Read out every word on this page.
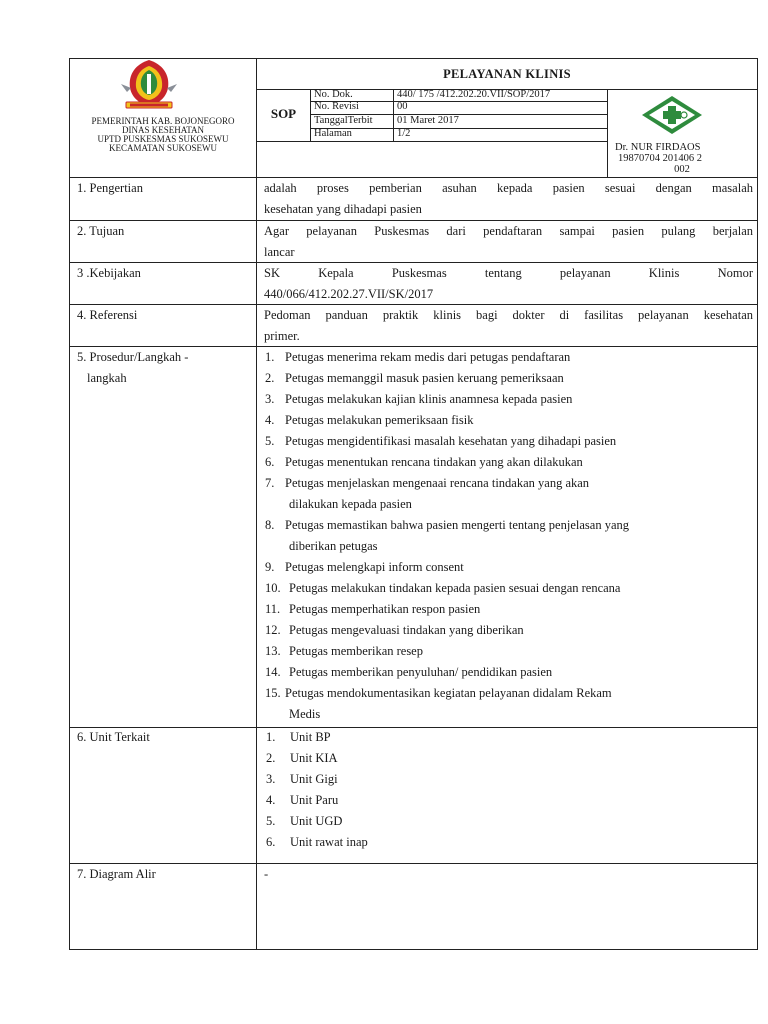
PEMERINTAH KAB. BOJONEGORO
DINAS KESEHATAN
UPTD PUSKESMAS SUKOSEWU
KECAMATAN SUKOSEWU
PELAYANAN KLINIS
SOP
No. Dok.	440/ 175 /412.202.20.VII/SOP/2017
No. Revisi	00
TanggalTerbit 01 Maret 2017
Halaman	1/2
Dr. NUR FIRDAOS
19870704 201406 2
002
1. Pengertian	adalah proses pemberian asuhan kepada pasien sesuai dengan masalah
kesehatan yang dihadapi pasien
2. Tujuan	Agar pelayanan Puskesmas dari pendaftaran sampai pasien pulang berjalan
lancar
3 .Kebijakan	SK Kepala Puskesmas tentang pelayanan Klinis Nomor
440/066/412.202.27.VII/SK/2017
4. Referensi	Pedoman panduan praktik klinis bagi dokter di fasilitas pelayanan kesehatan
primer.
5. Prosedur/Langkah -
langkah
1. Petugas menerima rekam medis dari petugas pendaftaran
2. Petugas memanggil masuk pasien keruang pemeriksaan
3. Petugas melakukan kajian klinis anamnesa kepada pasien
4. Petugas melakukan pemeriksaan fisik
5. Petugas mengidentifikasi masalah kesehatan yang dihadapi pasien
6. Petugas menentukan rencana tindakan yang akan dilakukan
7. Petugas menjelaskan mengenaai rencana tindakan yang akan
dilakukan kepada pasien
8. Petugas memastikan bahwa pasien mengerti tentang penjelasan yang
diberikan petugas
9. Petugas melengkapi inform consent
10. Petugas melakukan tindakan kepada pasien sesuai dengan rencana
11. Petugas memperhatikan respon pasien
12. Petugas mengevaluasi tindakan yang diberikan
13. Petugas memberikan resep
14. Petugas memberikan penyuluhan/ pendidikan pasien
15. Petugas mendokumentasikan kegiatan pelayanan didalam Rekam
Medis
6. Unit Terkait	1. Unit BP
2. Unit KIA
3. Unit Gigi
4. Unit Paru
5. Unit UGD
6. Unit rawat inap
7. Diagram Alir	-
